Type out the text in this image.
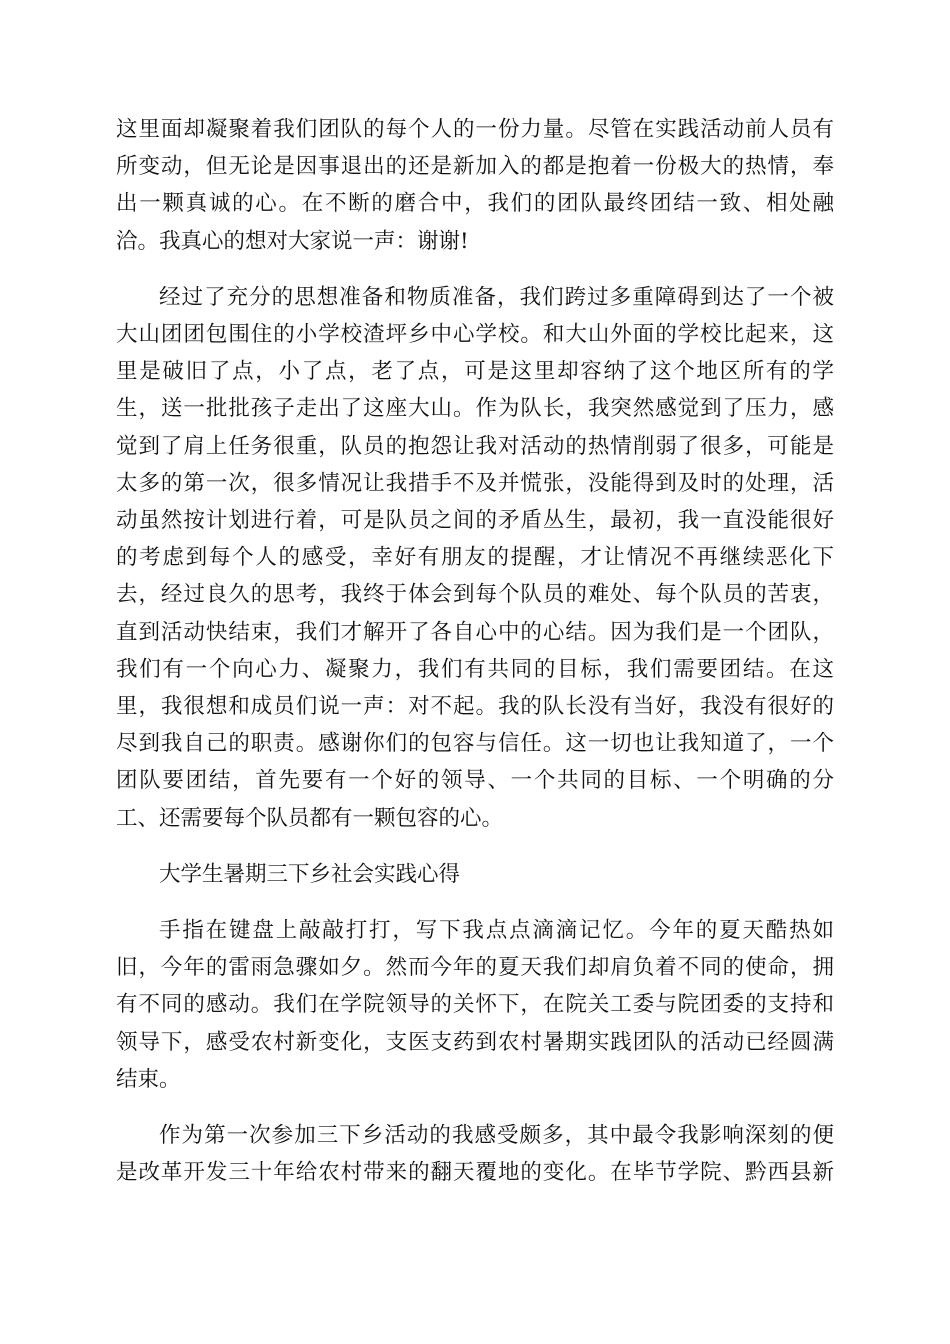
这里面却凝聚着我们团队的每个人的一份力量。尽管在实践活动前人员有
所变动，但无论是因事退出的还是新加入的都是抱着一份极大的热情，奉
出一颗真诚的心。在不断的磨合中，我们的团队最终团结一致、相处融
洽。我真心的想对大家说一声：谢谢!
经过了充分的思想准备和物质准备，我们跨过多重障碍到达了一个被
大山团团包围住的小学校渣坪乡中心学校。和大山外面的学校比起来，这
里是破旧了点，小了点，老了点，可是这里却容纳了这个地区所有的学
生，送一批批孩子走出了这座大山。作为队长，我突然感觉到了压力，感
觉到了肩上任务很重，队员的抱怨让我对活动的热情削弱了很多，可能是
太多的第一次，很多情况让我措手不及并慌张，没能得到及时的处理，活
动虽然按计划进行着，可是队员之间的矛盾丛生，最初，我一直没能很好
的考虑到每个人的感受，幸好有朋友的提醒，才让情况不再继续恶化下
去，经过良久的思考，我终于体会到每个队员的难处、每个队员的苦衷，
直到活动快结束，我们才解开了各自心中的心结。因为我们是一个团队，
我们有一个向心力、凝聚力，我们有共同的目标，我们需要团结。在这
里，我很想和成员们说一声：对不起。我的队长没有当好，我没有很好的
尽到我自己的职责。感谢你们的包容与信任。这一切也让我知道了，一个
团队要团结，首先要有一个好的领导、一个共同的目标、一个明确的分
工、还需要每个队员都有一颗包容的心。
大学生暑期三下乡社会实践心得
手指在键盘上敲敲打打，写下我点点滴滴记忆。今年的夏天酷热如
旧，今年的雷雨急骤如夕。然而今年的夏天我们却肩负着不同的使命，拥
有不同的感动。我们在学院领导的关怀下，在院关工委与院团委的支持和
领导下，感受农村新变化，支医支药到农村暑期实践团队的活动已经圆满
结束。
作为第一次参加三下乡活动的我感受颇多，其中最令我影响深刻的便
是改革开发三十年给农村带来的翻天覆地的变化。在毕节学院、黔西县新
